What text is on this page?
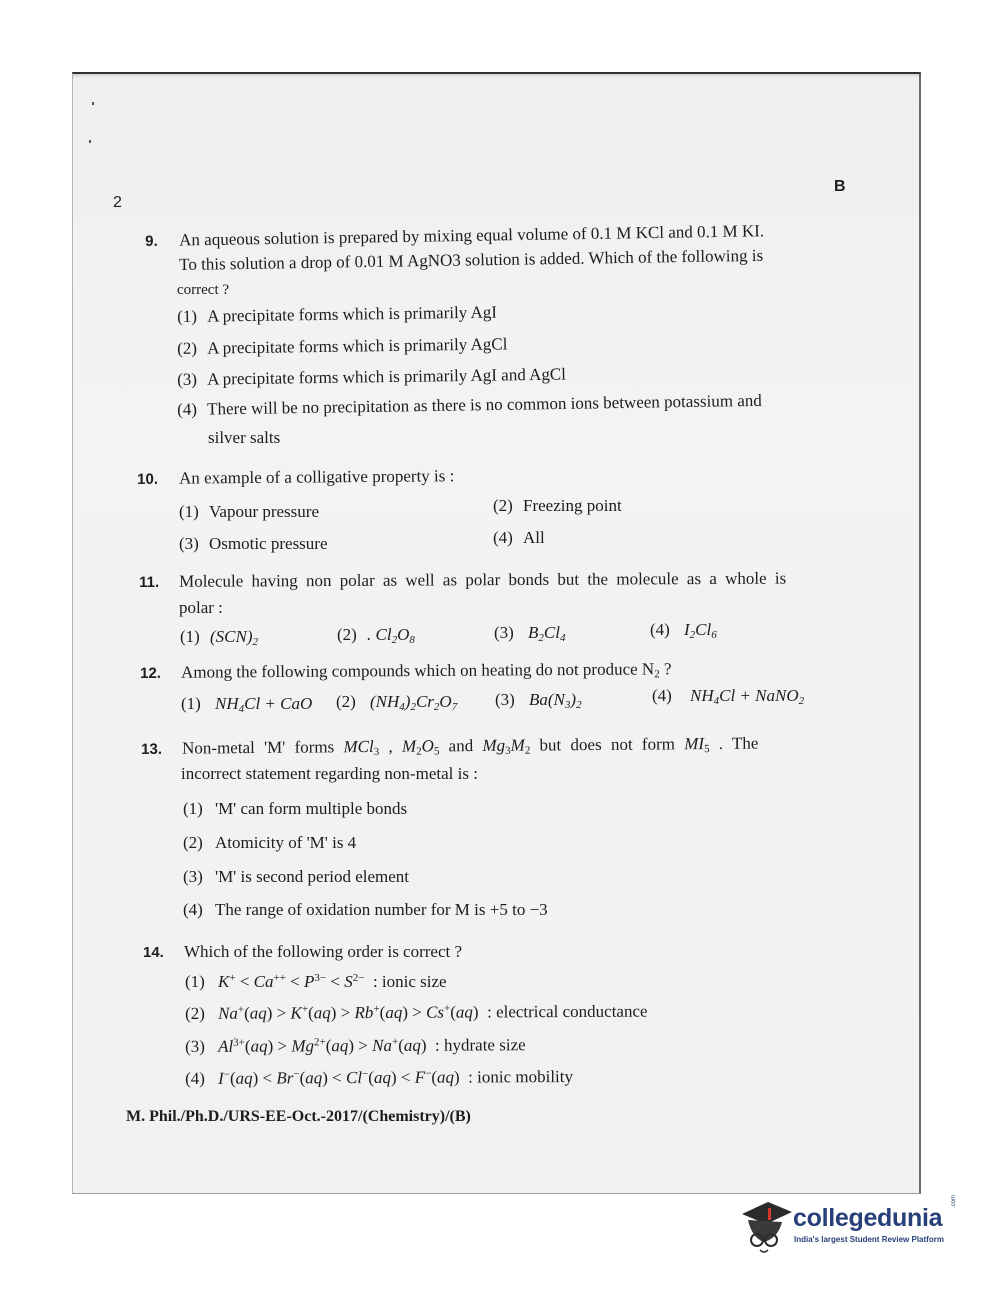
2
B
9. An aqueous solution is prepared by mixing equal volume of 0.1 M KCl and 0.1 M KI.
To this solution a drop of 0.01 M AgNO3 solution is added. Which of the following is
correct ?
(1) A precipitate forms which is primarily AgI
(2) A precipitate forms which is primarily AgCl
(3) A precipitate forms which is primarily AgI and AgCl
(4) There will be no precipitation as there is no common ions between potassium and
silver salts
10. An example of a colligative property is :
(1) Vapour pressure	(2) Freezing point
(3) Osmotic pressure	(4) All
11. Molecule having non polar as well as polar bonds but the molecule as a whole is
polar :
(1) $(SCN)_2$	(2) . $Cl_2O_8$	(3) $B_2Cl_4$	(4) $I_2Cl_6$
12. Among the following compounds which on heating do not produce $N_2$ ?
(1) $NH_4Cl$ + CaO (2) $(NH_4)_2Cr_2O_7$ (3) $Ba(N_3)_2$	(4) $NH_4Cl$ + NaNO$_2$
13. Non-metal 'M' forms MCl$_3$ , $M_2O_5$ and $Mg_3M_2$ but does not form $MI_5$ . The
incorrect statement regarding non-metal is :
(1) 'M' can form multiple bonds
(2) Atomicity of 'M' is 4
(3) 'M' is second period element
(4) The range of oxidation number for M is +5 to −3
14. Which of the following order is correct ?
(1) $K^+ < Ca^{++} < P^{3-} < S^{2-}$  : ionic size
(2) Na+(aq) > K+(aq) > Rb+(aq) > Cs+(aq)  : electrical conductance
(3) $Al^{3+}(aq) > Mg^{2+}(aq) > Na^+(aq)$  : hydrate size
(4) I−(aq) < Br−(aq) < Cl−(aq) < F−(aq)  : ionic mobility
M. Phil./Ph.D./URS-EE-Oct.-2017/(Chemistry)/(B)
collegedunia
.com
India's largest Student Review Platform
